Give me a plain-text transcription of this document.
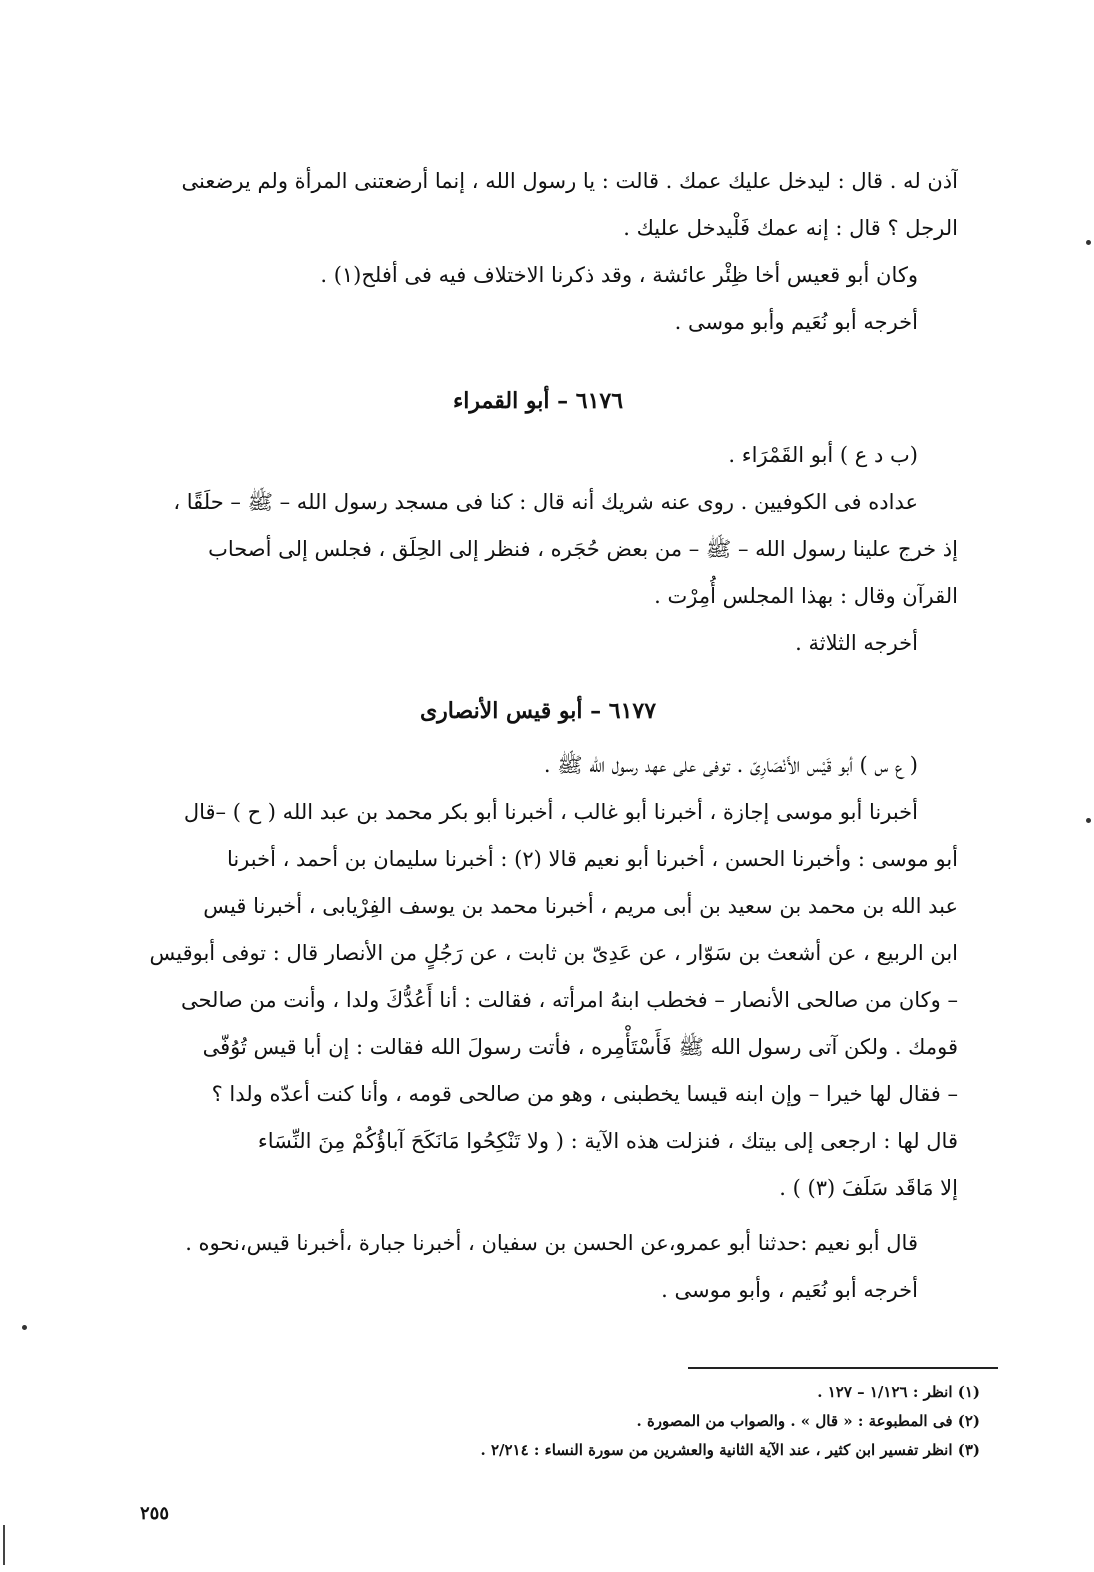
آذن له . قال : ليدخل عليك عمك . قالت : يا رسول الله ، إنما أرضعتنى المرأة ولم يرضعنى
الرجل ؟ قال : إنه عمك فَلْيدخل عليك .
وكان أبو قعيس أخا ظِئْر عائشة ، وقد ذكرنا الاختلاف فيه فى أفلح(١) .
أخرجه أبو نُعَيم وأبو موسى .
٦١٧٦ – أبو القمراء
(ب د ع ) أبو القَمْرَاء .
عداده فى الكوفيين . روى عنه شريك أنه قال : كنا فى مسجد رسول الله – ﷺ – حلَقًا ،
إذ خرج علينا رسول الله – ﷺ – من بعض حُجَره ، فنظر إلى الحِلَق ، فجلس إلى أصحاب
القرآن وقال : بهذا المجلس أُمِرْت .
أخرجه الثلاثة .
٦١٧٧ – أبو قيس الأنصارى
( ع س ) أبو قَيْس الأَنْصَارِىّ . توفى على عهد رسول الله ﷺ .
أخبرنا أبو موسى إجازة ، أخبرنا أبو غالب ، أخبرنا أبو بكر محمد بن عبد الله ( ح ) –قال
أبو موسى : وأخبرنا الحسن ، أخبرنا أبو نعيم قالا (٢) : أخبرنا سليمان بن أحمد ، أخبرنا
عبد الله بن محمد بن سعيد بن أبى مريم ، أخبرنا محمد بن يوسف الفِرْيابى ، أخبرنا قيس
ابن الربيع ، عن أشعث بن سَوّار ، عن عَدِىّ بن ثابت ، عن رَجُلٍ من الأنصار قال : توفى أبوقيس
– وكان من صالحى الأنصار – فخطب ابنهُ امرأته ، فقالت : أنا أَعُدُّكَ ولدا ، وأنت من صالحى
قومك . ولكن آتى رسول الله ﷺ فَأَسْتَأْمِره ، فأتت رسولَ الله فقالت : إن أبا قيس تُوُفّى
– فقال لها خيرا – وإن ابنه قيسا يخطبنى ، وهو من صالحى قومه ، وأنا كنت أعدّه ولدا ؟
قال لها : ارجعى إلى بيتك ، فنزلت هذه الآية : ( ولا تَنْكِحُوا مَانَكَحَ آباؤُكُمْ مِنَ النِّسَاء
إلا مَاقَد سَلَفَ (٣) ) .
قال أبو نعيم :حدثنا أبو عمرو،عن الحسن بن سفيان ، أخبرنا جبارة ،أخبرنا قيس،نحوه .
أخرجه أبو نُعَيم ، وأبو موسى .
(١) انظر : ١/١٢٦ – ١٢٧ .
(٢) فى المطبوعة : « قال » . والصواب من المصورة .
(٣) انظر تفسير ابن كثير ، عند الآية الثانية والعشرين من سورة النساء : ٢/٢١٤ .
٢٥٥
